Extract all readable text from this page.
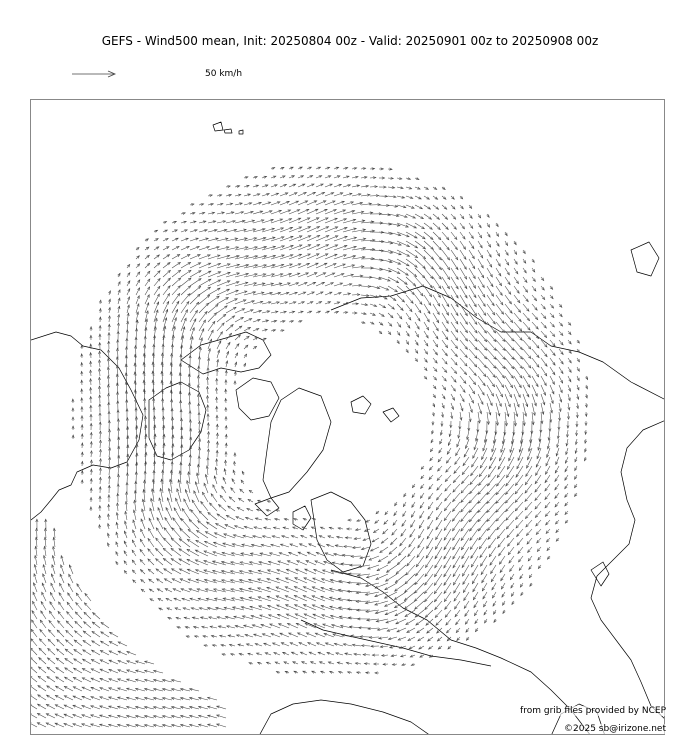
GEFS - Wind500 mean, Init: 20250804 00z - Valid: 20250901 00z to 20250908 00z
50 km/h
from grib files provided by NCEP
©2025 sb@irizone.net
